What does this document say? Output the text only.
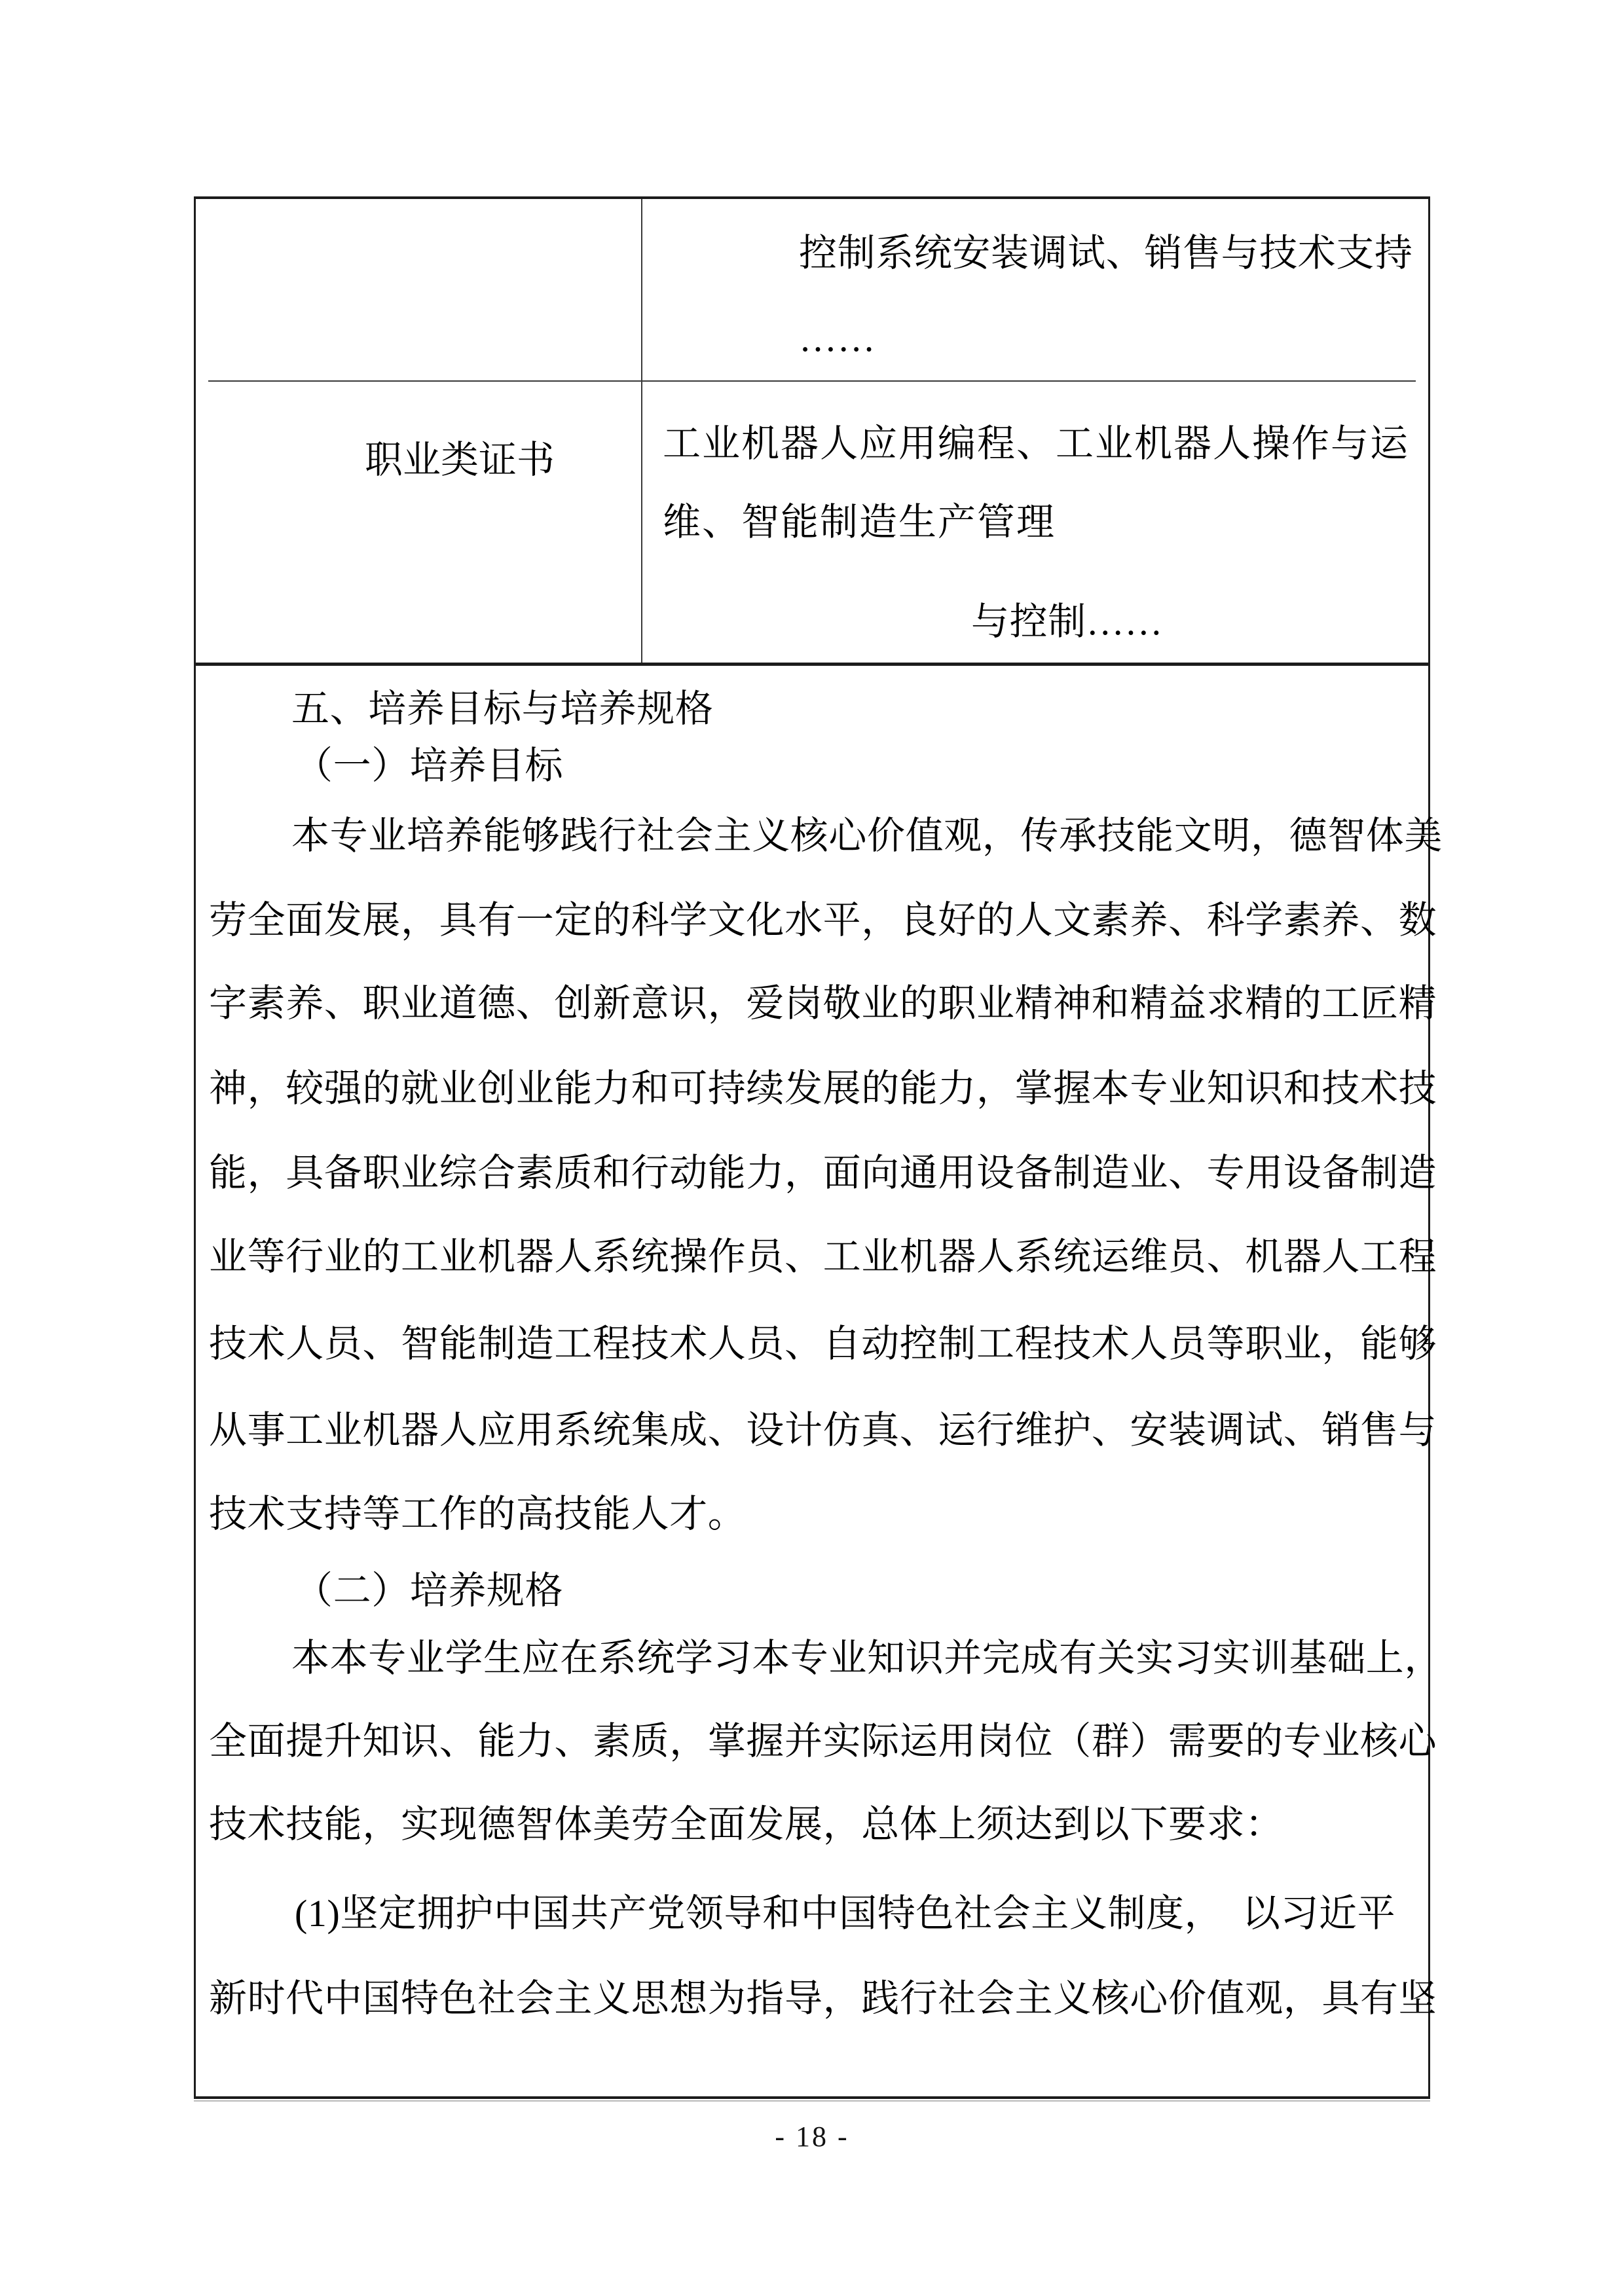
控制系统安装调试、销售与技术支持
……
职业类证书	工业机器人应用编程、工业机器人操作与运
维、智能制造生产管理
与控制……
五、培养目标与培养规格
（一）培养目标
本专业培养能够践行社会主义核心价值观，传承技能文明，德智体美
劳全面发展，具有一定的科学文化水平，良好的人文素养、科学素养、数
字素养、职业道德、创新意识，爱岗敬业的职业精神和精益求精的工匠精
神，较强的就业创业能力和可持续发展的能力，掌握本专业知识和技术技
能，具备职业综合素质和行动能力，面向通用设备制造业、专用设备制造
业等行业的工业机器人系统操作员、工业机器人系统运维员、机器人工程
技术人员、智能制造工程技术人员、自动控制工程技术人员等职业，能够
从事工业机器人应用系统集成、设计仿真、运行维护、安装调试、销售与
技术支持等工作的高技能人才。
（二）培养规格
本本专业学生应在系统学习本专业知识并完成有关实习实训基础上，
全面提升知识、能力、素质，掌握并实际运用岗位（群）需要的专业核心
技术技能，实现德智体美劳全面发展，总体上须达到以下要求：
(1)坚定拥护中国共产党领导和中国特色社会主义制度，　以习近平
新时代中国特色社会主义思想为指导，践行社会主义核心价值观，具有坚
- 18 -
